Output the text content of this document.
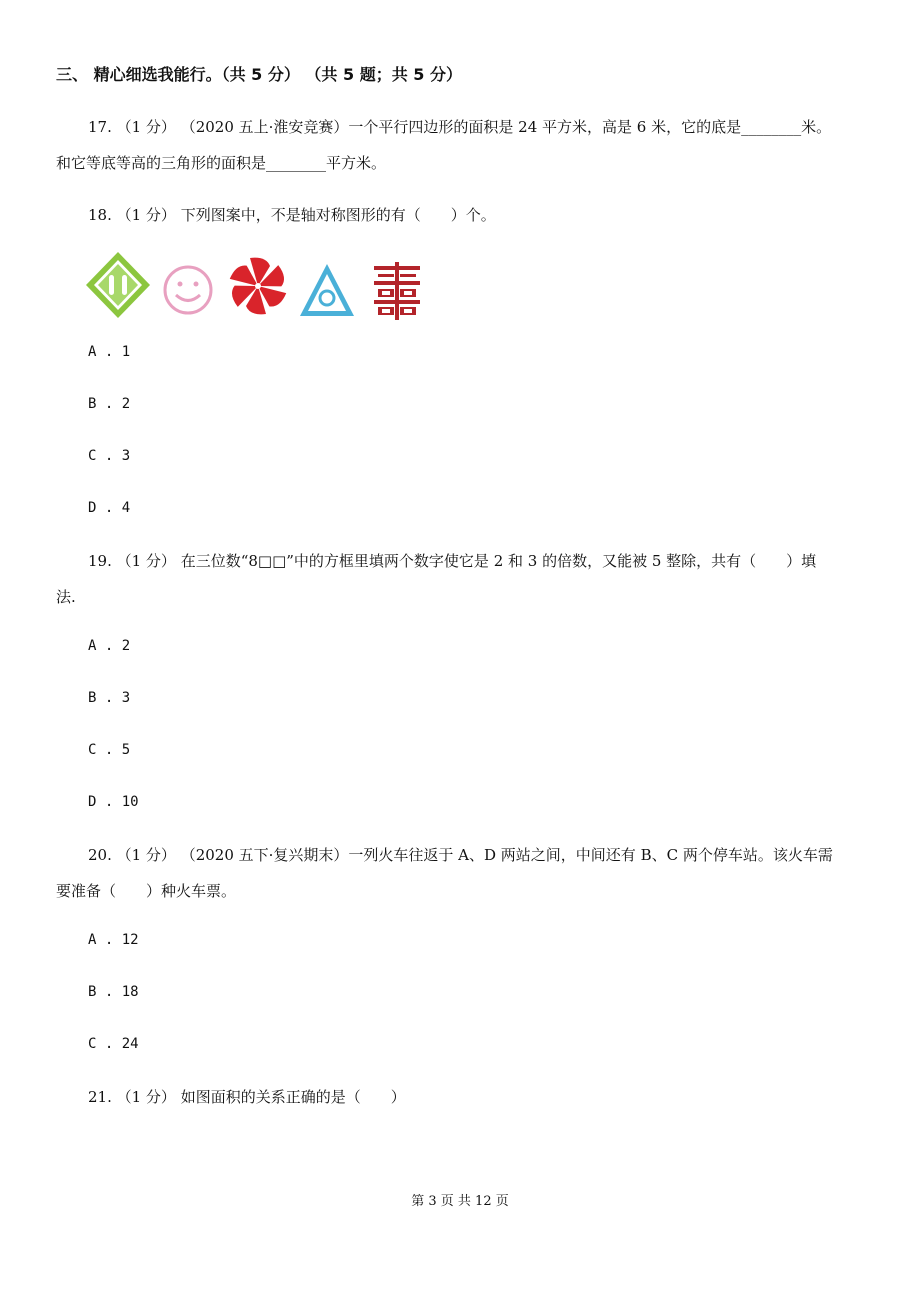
三、 精心细选我能行。（共 5 分） （共 5 题；共 5 分）
17. （1 分） （2020 五上·淮安竞赛）一个平行四边形的面积是 24 平方米，高是 6 米，它的底是________米。
和它等底等高的三角形的面积是________平方米。
18. （1 分） 下列图案中，不是轴对称图形的有（　　）个。
A . 1
B . 2
C . 3
D . 4
19. （1 分） 在三位数“8□□”中的方框里填两个数字使它是 2 和 3 的倍数，又能被 5 整除，共有（　　）填
法.
A . 2
B . 3
C . 5
D . 10
20. （1 分） （2020 五下·复兴期末）一列火车往返于 A、D 两站之间，中间还有 B、C 两个停车站。该火车需
要准备（　　）种火车票。
A . 12
B . 18
C . 24
21. （1 分） 如图面积的关系正确的是（　　）
第 3 页 共 12 页
